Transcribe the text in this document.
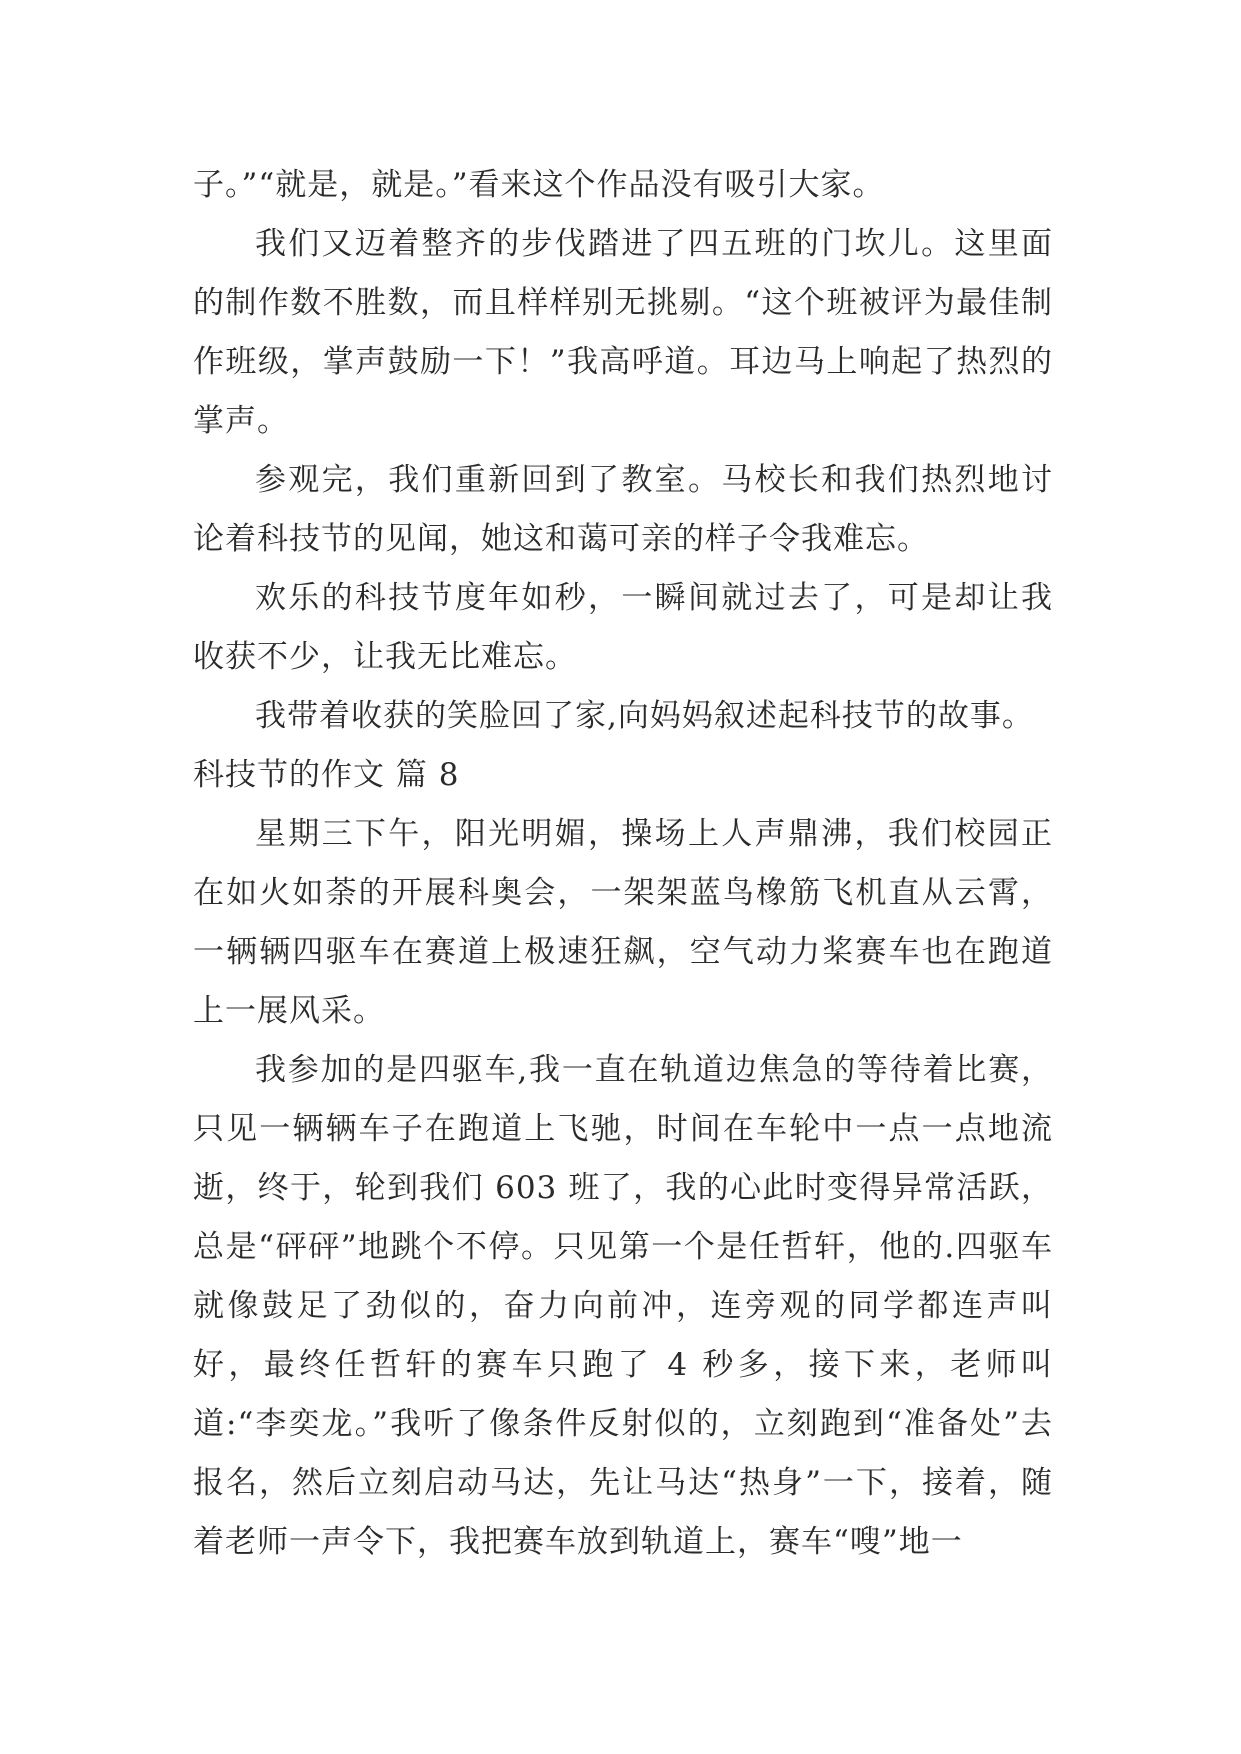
子。”“就是，就是。”看来这个作品没有吸引大家。

我们又迈着整齐的步伐踏进了四五班的门坎儿。这里面的制作数不胜数，而且样样别无挑剔。“这个班被评为最佳制作班级，掌声鼓励一下！”我高呼道。耳边马上响起了热烈的掌声。

参观完，我们重新回到了教室。马校长和我们热烈地讨论着科技节的见闻，她这和蔼可亲的样子令我难忘。

欢乐的科技节度年如秒，一瞬间就过去了，可是却让我收获不少，让我无比难忘。

我带着收获的笑脸回了家,向妈妈叙述起科技节的故事。

科技节的作文 篇 8

星期三下午，阳光明媚，操场上人声鼎沸，我们校园正在如火如荼的开展科奥会，一架架蓝鸟橡筋飞机直从云霄，一辆辆四驱车在赛道上极速狂飙，空气动力桨赛车也在跑道上一展风采。

我参加的是四驱车,我一直在轨道边焦急的等待着比赛，只见一辆辆车子在跑道上飞驰，时间在车轮中一点一点地流逝，终于，轮到我们 603 班了，我的心此时变得异常活跃，总是“砰砰”地跳个不停。只见第一个是任哲轩，他的.四驱车就像鼓足了劲似的，奋力向前冲，连旁观的同学都连声叫好，最终任哲轩的赛车只跑了 4 秒多，接下来，老师叫道:“李奕龙。”我听了像条件反射似的，立刻跑到“准备处”去报名，然后立刻启动马达，先让马达“热身”一下，接着，随着老师一声令下，我把赛车放到轨道上，赛车“嗖”地一
